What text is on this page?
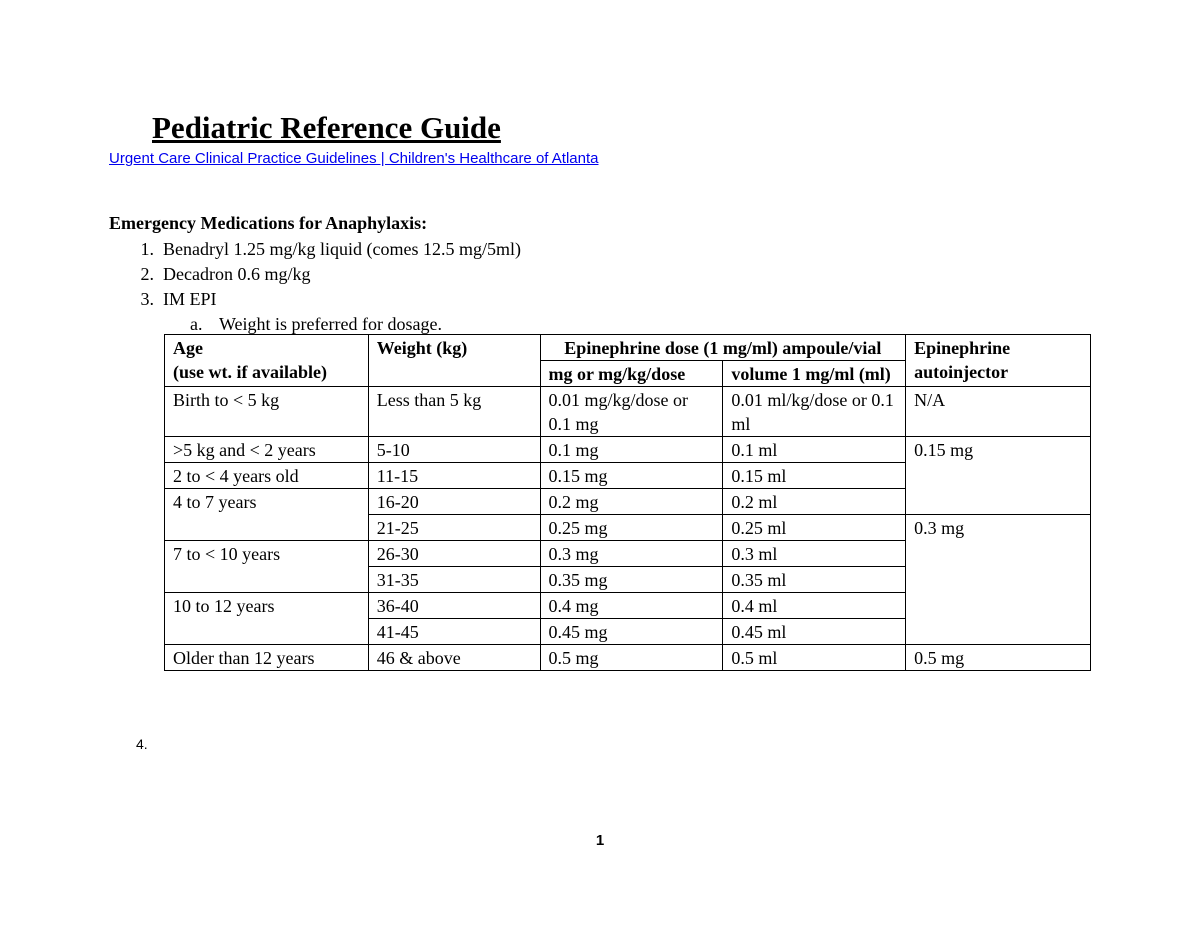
Pediatric Reference Guide
Urgent Care Clinical Practice Guidelines | Children's Healthcare of Atlanta
Emergency Medications for Anaphylaxis:
1. Benadryl 1.25 mg/kg liquid (comes 12.5 mg/5ml)
2. Decadron 0.6 mg/kg
3. IM EPI
a. Weight is preferred for dosage.
Age
(use wt. if available)	Weight (kg)	Epinephrine dose (1 mg/ml) ampoule/vial		Epinephrine autoinjector
		mg or mg/kg/dose	volume 1 mg/ml (ml)	
Birth to < 5 kg	Less than 5 kg	0.01 mg/kg/dose or 0.1 mg	0.01 ml/kg/dose or 0.1 ml	N/A
>5 kg and < 2 years	5-10	0.1 mg	0.1 ml	0.15 mg
2 to < 4 years old	11-15	0.15 mg	0.15 ml	
4 to 7 years	16-20	0.2 mg	0.2 ml	
	21-25	0.25 mg	0.25 ml	0.3 mg
7 to < 10 years	26-30	0.3 mg	0.3 ml	
	31-35	0.35 mg	0.35 ml	
10 to 12 years	36-40	0.4 mg	0.4 ml	
	41-45	0.45 mg	0.45 ml	
Older than 12 years	46 & above	0.5 mg	0.5 ml	0.5 mg
4.
1
